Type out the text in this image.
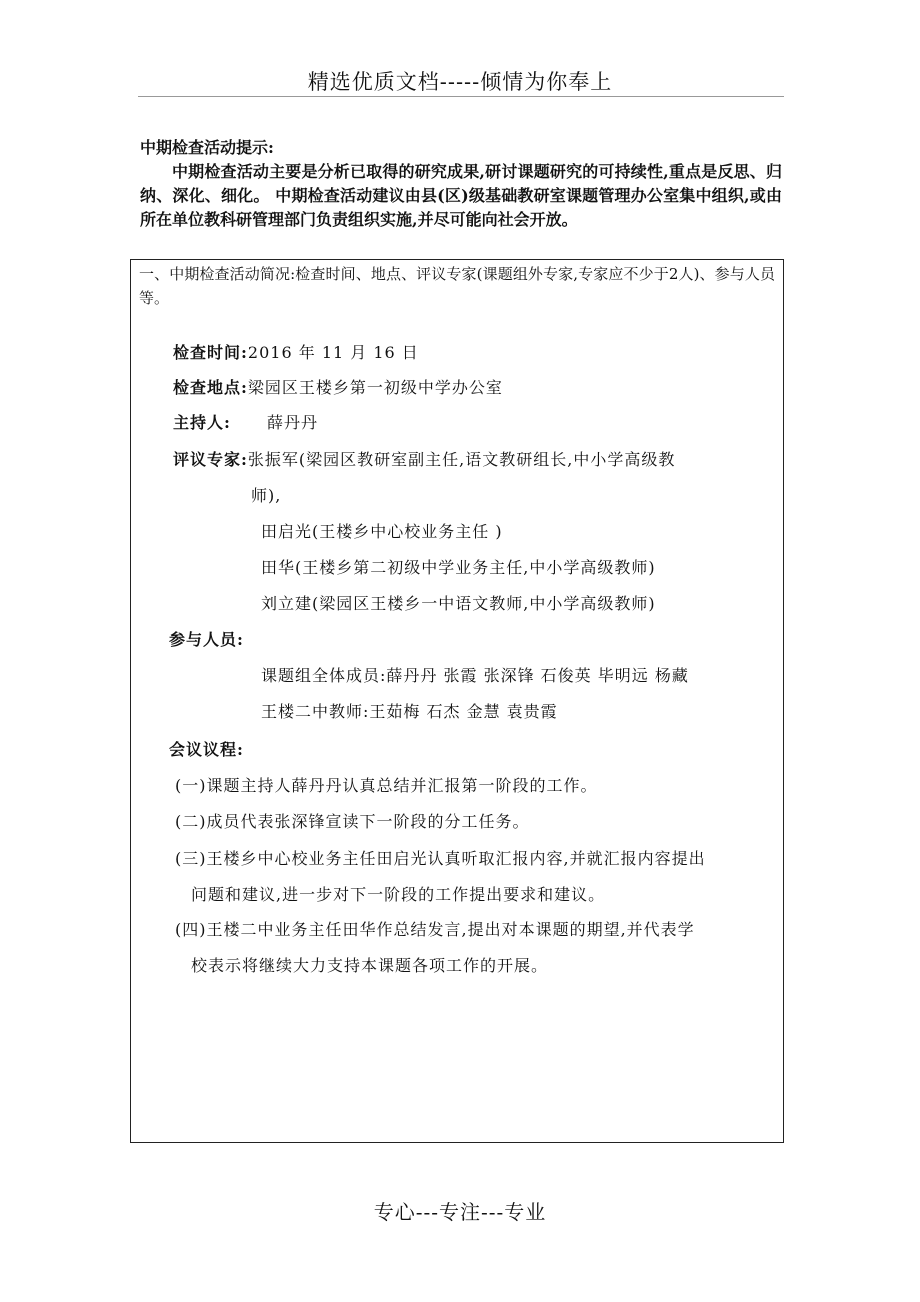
精选优质文档-----倾情为你奉上
中期检查活动提示:
中期检查活动主要是分析已取得的研究成果,研讨课题研究的可持续性,重点是反思、归纳、深化、细化。 中期检查活动建议由县(区)级基础教研室课题管理办公室集中组织,或由所在单位教科研管理部门负责组织实施,并尽可能向社会开放。
一、中期检查活动简况:检查时间、地点、评议专家(课题组外专家,专家应不少于2人)、参与人员等。
检查时间:2016 年 11 月 16 日
检查地点:梁园区王楼乡第一初级中学办公室
主持人: 薛丹丹
评议专家:张振军(梁园区教研室副主任,语文教研组长,中小学高级教
师),
田启光(王楼乡中心校业务主任 )
田华(王楼乡第二初级中学业务主任,中小学高级教师)
刘立建(梁园区王楼乡一中语文教师,中小学高级教师)
参与人员:
课题组全体成员:薛丹丹 张霞 张深锋 石俊英 毕明远 杨藏
王楼二中教师:王茹梅 石杰 金慧 袁贵霞
会议议程:
(一)课题主持人薛丹丹认真总结并汇报第一阶段的工作。
(二)成员代表张深锋宣读下一阶段的分工任务。
(三)王楼乡中心校业务主任田启光认真听取汇报内容,并就汇报内容提出
问题和建议,进一步对下一阶段的工作提出要求和建议。
(四)王楼二中业务主任田华作总结发言,提出对本课题的期望,并代表学
校表示将继续大力支持本课题各项工作的开展。
专心---专注---专业
